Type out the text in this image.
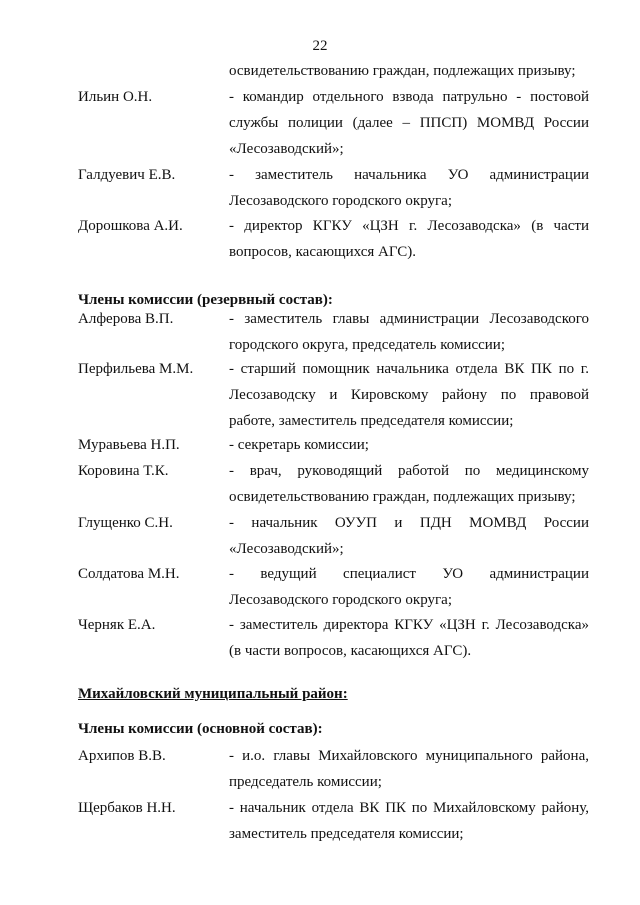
22
освидетельствованию граждан, подлежащих призыву;
Ильин О.Н.	- командир отдельного взвода патрульно - постовой службы полиции (далее – ППСП) МОМВД России «Лесозаводский»;
Галдуевич Е.В.	- заместитель начальника УО администрации Лесозаводского городского округа;
Дорошкова А.И.	- директор КГКУ «ЦЗН г. Лесозаводска» (в части вопросов, касающихся АГС).
Члены комиссии (резервный состав):
Алферова В.П.	- заместитель главы администрации Лесозаводского городского округа, председатель комиссии;
Перфильева М.М. - старший помощник начальника отдела ВК ПК по г. Лесозаводску и Кировскому району по правовой работе, заместитель председателя комиссии;
Муравьева Н.П.	- секретарь комиссии;
Коровина Т.К.	- врач, руководящий работой по медицинскому освидетельствованию граждан, подлежащих призыву;
Глущенко С.Н.	- начальник ОУУП и ПДН МОМВД России «Лесозаводский»;
Солдатова М.Н.	- ведущий специалист УО администрации Лесозаводского городского округа;
Черняк Е.А.	- заместитель директора КГКУ «ЦЗН г. Лесозаводска» (в части вопросов, касающихся АГС).
Михайловский муниципальный район:
Члены комиссии (основной состав):
Архипов В.В.	- и.о. главы Михайловского муниципального района, председатель комиссии;
Щербаков Н.Н.	- начальник отдела ВК ПК по Михайловскому району, заместитель председателя комиссии;
